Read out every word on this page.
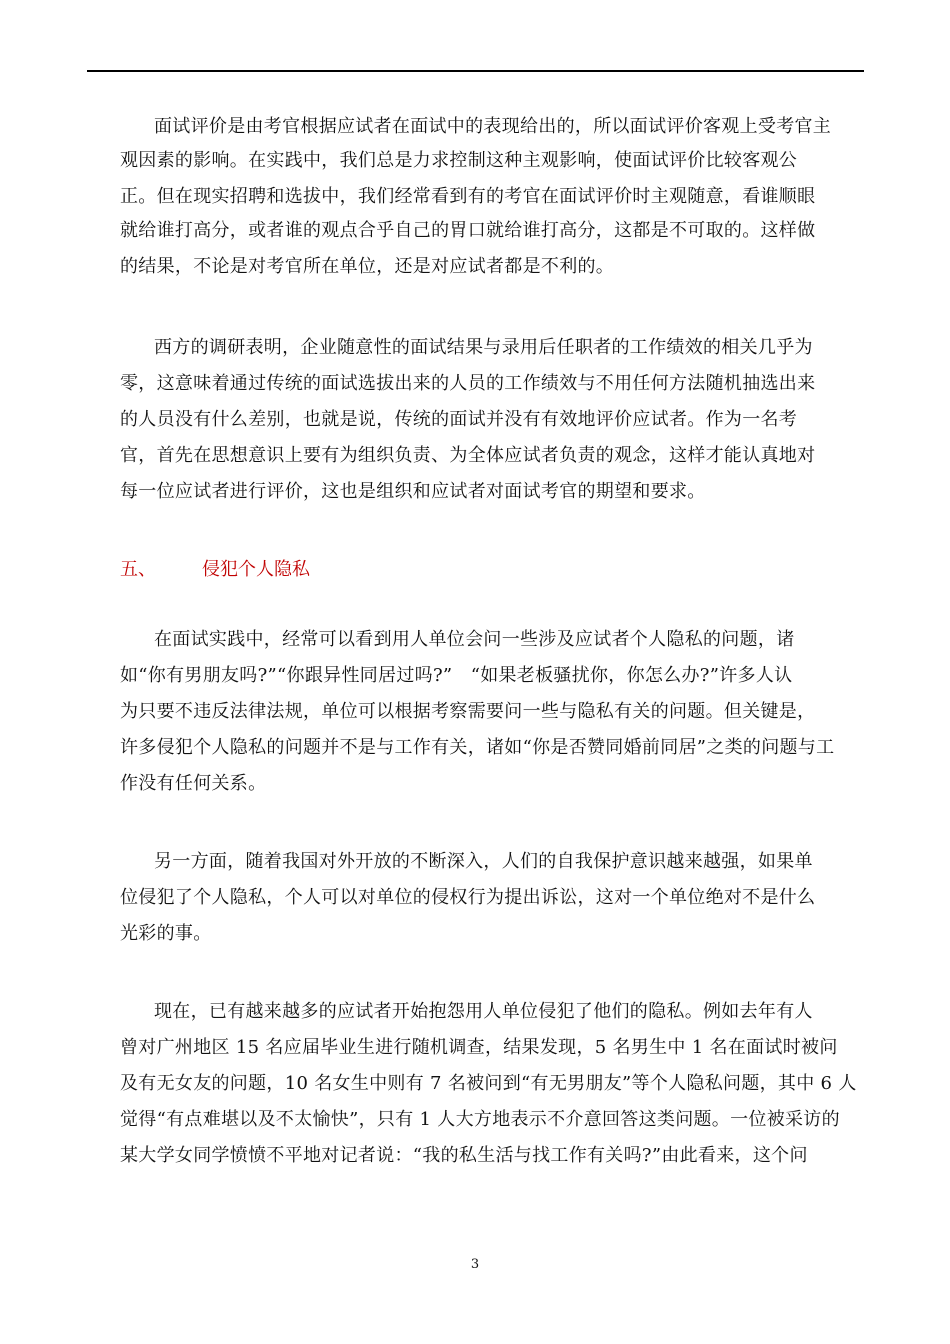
面试评价是由考官根据应试者在面试中的表现给出的，所以面试评价客观上受考官主
观因素的影响。在实践中，我们总是力求控制这种主观影响，使面试评价比较客观公
正。但在现实招聘和选拔中，我们经常看到有的考官在面试评价时主观随意，看谁顺眼
就给谁打高分，或者谁的观点合乎自己的胃口就给谁打高分，这都是不可取的。这样做
的结果，不论是对考官所在单位，还是对应试者都是不利的。
西方的调研表明，企业随意性的面试结果与录用后任职者的工作绩效的相关几乎为
零，这意味着通过传统的面试选拔出来的人员的工作绩效与不用任何方法随机抽选出来
的人员没有什么差别，也就是说，传统的面试并没有有效地评价应试者。作为一名考
官，首先在思想意识上要有为组织负责、为全体应试者负责的观念，这样才能认真地对
每一位应试者进行评价，这也是组织和应试者对面试考官的期望和要求。
五、	侵犯个人隐私
在面试实践中，经常可以看到用人单位会问一些涉及应试者个人隐私的问题，诸
如“你有男朋友吗?”“你跟异性同居过吗?”　“如果老板骚扰你，你怎么办?”许多人认
为只要不违反法律法规，单位可以根据考察需要问一些与隐私有关的问题。但关键是，
许多侵犯个人隐私的问题并不是与工作有关，诸如“你是否赞同婚前同居”之类的问题与工
作没有任何关系。
另一方面，随着我国对外开放的不断深入，人们的自我保护意识越来越强，如果单
位侵犯了个人隐私，个人可以对单位的侵权行为提出诉讼，这对一个单位绝对不是什么
光彩的事。
现在，已有越来越多的应试者开始抱怨用人单位侵犯了他们的隐私。例如去年有人
曾对广州地区 15 名应届毕业生进行随机调查，结果发现，5 名男生中 1 名在面试时被问
及有无女友的问题，10 名女生中则有 7 名被问到“有无男朋友”等个人隐私问题，其中 6 人
觉得“有点难堪以及不太愉快”，只有 1 人大方地表示不介意回答这类问题。一位被采访的
某大学女同学愤愤不平地对记者说：“我的私生活与找工作有关吗?”由此看来，这个问
3
